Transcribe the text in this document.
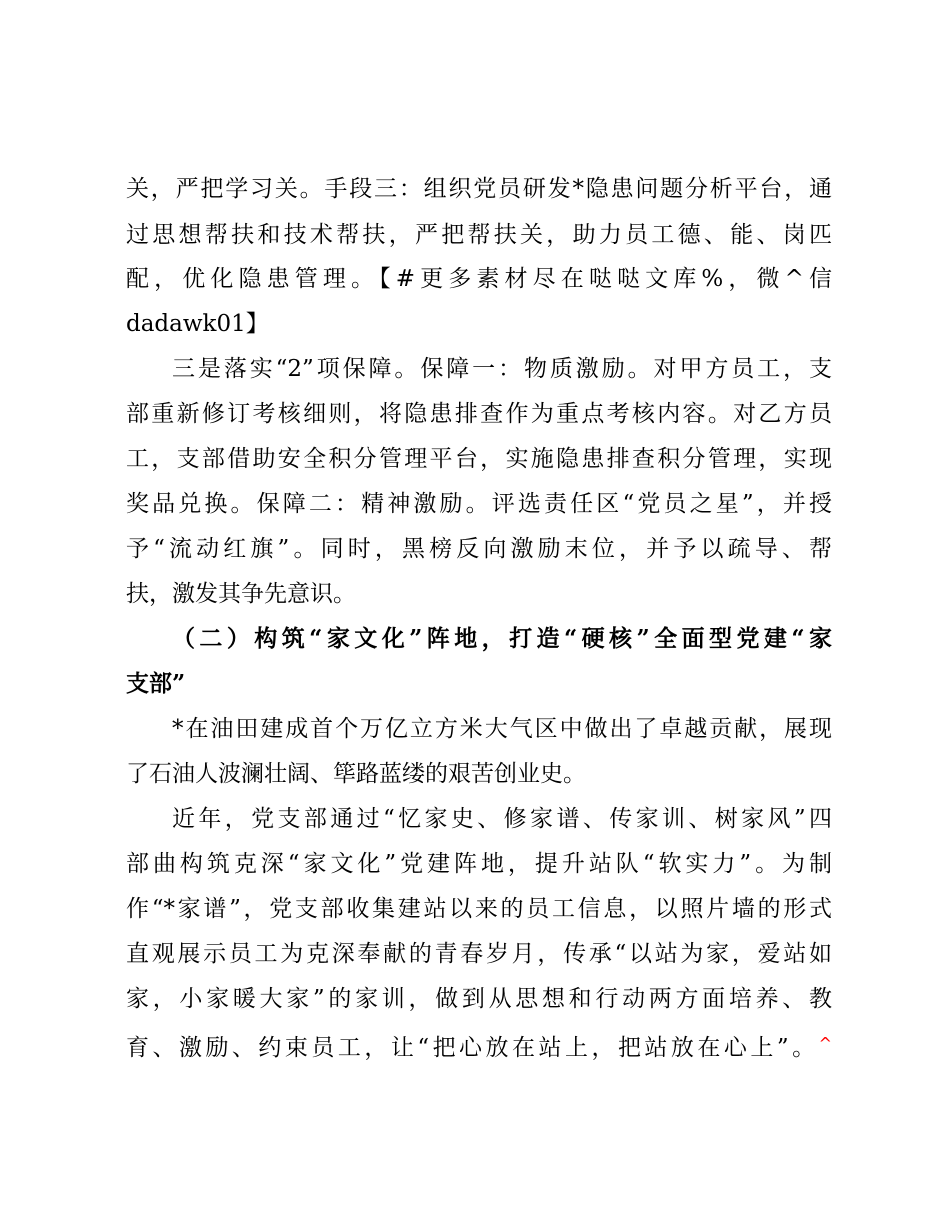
关，严把学习关。手段三：组织党员研发*隐患问题分析平台，通
过思想帮扶和技术帮扶，严把帮扶关，助力员工德、能、岗匹
配，优化隐患管理。【#更多素材尽在哒哒文库%，微^信
dadawk01】
三是落实“2”项保障。保障一：物质激励。对甲方员工，支
部重新修订考核细则，将隐患排查作为重点考核内容。对乙方员
工，支部借助安全积分管理平台，实施隐患排查积分管理，实现
奖品兑换。保障二：精神激励。评选责任区“党员之星”，并授
予“流动红旗”。同时，黑榜反向激励末位，并予以疏导、帮
扶，激发其争先意识。
（二）构筑“家文化”阵地，打造“硬核”全面型党建“家
支部”
*在油田建成首个万亿立方米大气区中做出了卓越贡献，展现
了石油人波澜壮阔、筚路蓝缕的艰苦创业史。
近年，党支部通过“忆家史、修家谱、传家训、树家风”四
部曲构筑克深“家文化”党建阵地，提升站队“软实力”。为制
作“*家谱”，党支部收集建站以来的员工信息，以照片墙的形式
直观展示员工为克深奉献的青春岁月，传承“以站为家，爱站如
家，小家暖大家”的家训，做到从思想和行动两方面培养、教
育、激励、约束员工，让“把心放在站上，把站放在心上”。^
